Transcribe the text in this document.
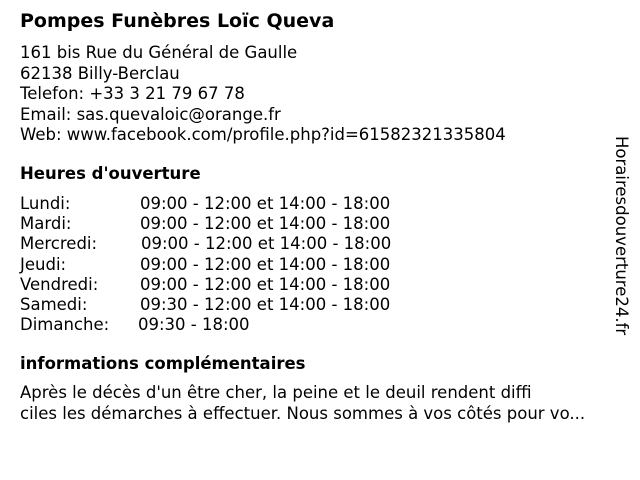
Pompes Funèbres Loïc Queva
161 bis Rue du Général de Gaulle
62138 Billy-Berclau
Telefon: +33 3 21 79 67 78
Email: sas.quevaloic@orange.fr
Web: www.facebook.com/profile.php?id=61582321335804
Heures d'ouverture
Lundi:	09:00 - 12:00 et 14:00 - 18:00
Mardi:	09:00 - 12:00 et 14:00 - 18:00
Mercredi:	09:00 - 12:00 et 14:00 - 18:00
Jeudi:	09:00 - 12:00 et 14:00 - 18:00
Vendredi:	09:00 - 12:00 et 14:00 - 18:00
Samedi:	09:30 - 12:00 et 14:00 - 18:00
Dimanche: 09:30 - 18:00
informations complémentaires
Après le décès d'un être cher, la peine et le deuil rendent diffi
ciles les démarches à effectuer. Nous sommes à vos côtés pour vo...
Horairesdouverture24.fr
